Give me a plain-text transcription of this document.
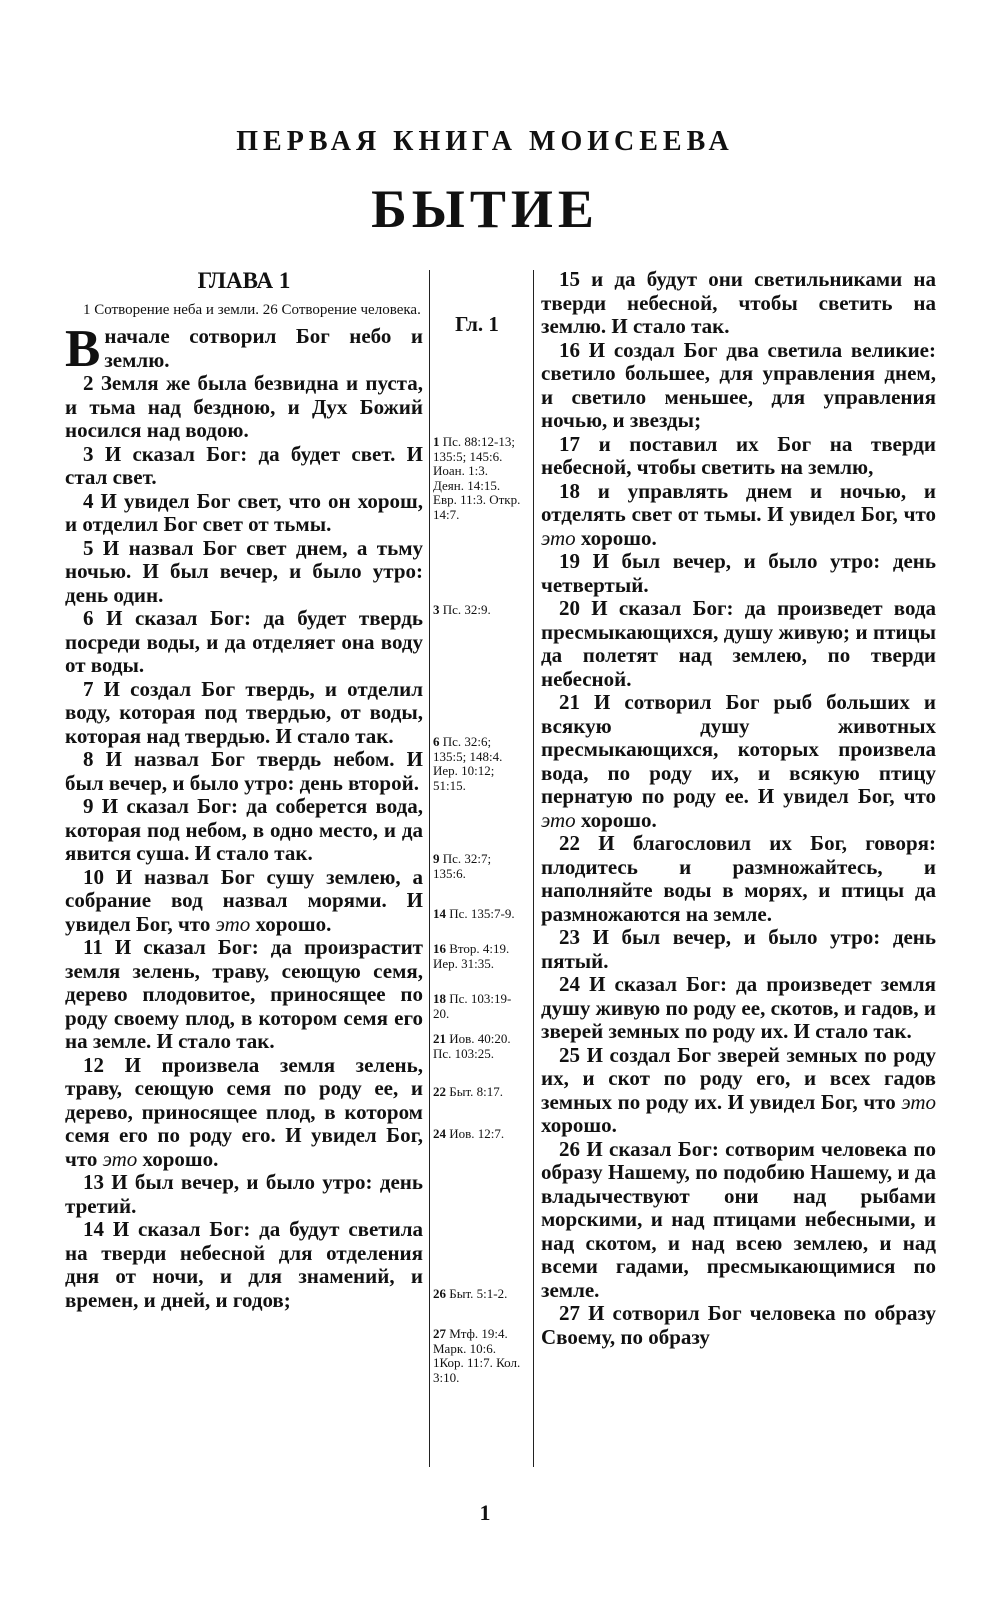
ПЕРВАЯ КНИГА МОИСЕЕВА
БЫТИЕ
ГЛАВА 1
1 Сотворение неба и земли. 26 Сотворение человека.
Вначале сотворил Бог небо и землю.
2 Земля же была безвидна и пуста, и тьма над бездною, и Дух Божий носился над водою.
3 И сказал Бог: да будет свет. И стал свет.
4 И увидел Бог свет, что он хорош, и отделил Бог свет от тьмы.
5 И назвал Бог свет днем, а тьму ночью. И был вечер, и было утро: день один.
6 И сказал Бог: да будет твердь посреди воды, и да отделяет она воду от воды.
7 И создал Бог твердь, и отделил воду, которая под твердью, от воды, которая над твердью. И стало так.
8 И назвал Бог твердь небом. И был вечер, и было утро: день второй.
9 И сказал Бог: да соберется вода, которая под небом, в одно место, и да явится суша. И стало так.
10 И назвал Бог сушу землею, а собрание вод назвал морями. И увидел Бог, что это хорошо.
11 И сказал Бог: да произрастит земля зелень, траву, сеющую семя, дерево плодовитое, приносящее по роду своему плод, в котором семя его на земле. И стало так.
12 И произвела земля зелень, траву, сеющую семя по роду ее, и дерево, приносящее плод, в котором семя его по роду его. И увидел Бог, что это хорошо.
13 И был вечер, и было утро: день третий.
14 И сказал Бог: да будут светила на тверди небесной для отделения дня от ночи, и для знамений, и времен, и дней, и годов;
Гл. 1
1 Пс. 88:12-13; 135:5; 145:6. Иоан. 1:3. Деян. 14:15. Евр. 11:3. Откр. 14:7.
3 Пс. 32:9.
6 Пс. 32:6; 135:5; 148:4. Иер. 10:12; 51:15.
9 Пс. 32:7; 135:6.
14 Пс. 135:7-9.
16 Втор. 4:19. Иер. 31:35.
18 Пс. 103:19-20.
21 Иов. 40:20. Пс. 103:25.
22 Быт. 8:17.
24 Иов. 12:7.
26 Быт. 5:1-2.
27 Мтф. 19:4. Марк. 10:6. 1Кор. 11:7. Кол. 3:10.
15 и да будут они светильниками на тверди небесной, чтобы светить на землю. И стало так.
16 И создал Бог два светила великие: светило большее, для управления днем, и светило меньшее, для управления ночью, и звезды;
17 и поставил их Бог на тверди небесной, чтобы светить на землю,
18 и управлять днем и ночью, и отделять свет от тьмы. И увидел Бог, что это хорошо.
19 И был вечер, и было утро: день четвертый.
20 И сказал Бог: да произведет вода пресмыкающихся, душу живую; и птицы да полетят над землею, по тверди небесной.
21 И сотворил Бог рыб больших и всякую душу животных пресмыкающихся, которых произвела вода, по роду их, и всякую птицу пернатую по роду ее. И увидел Бог, что это хорошо.
22 И благословил их Бог, говоря: плодитесь и размножайтесь, и наполняйте воды в морях, и птицы да размножаются на земле.
23 И был вечер, и было утро: день пятый.
24 И сказал Бог: да произведет земля душу живую по роду ее, скотов, и гадов, и зверей земных по роду их. И стало так.
25 И создал Бог зверей земных по роду их, и скот по роду его, и всех гадов земных по роду их. И увидел Бог, что это хорошо.
26 И сказал Бог: сотворим человека по образу Нашему, по подобию Нашему, и да владычествуют они над рыбами морскими, и над птицами небесными, и над скотом, и над всею землею, и над всеми гадами, пресмыкающимися по земле.
27 И сотворил Бог человека по образу Своему, по образу
1
